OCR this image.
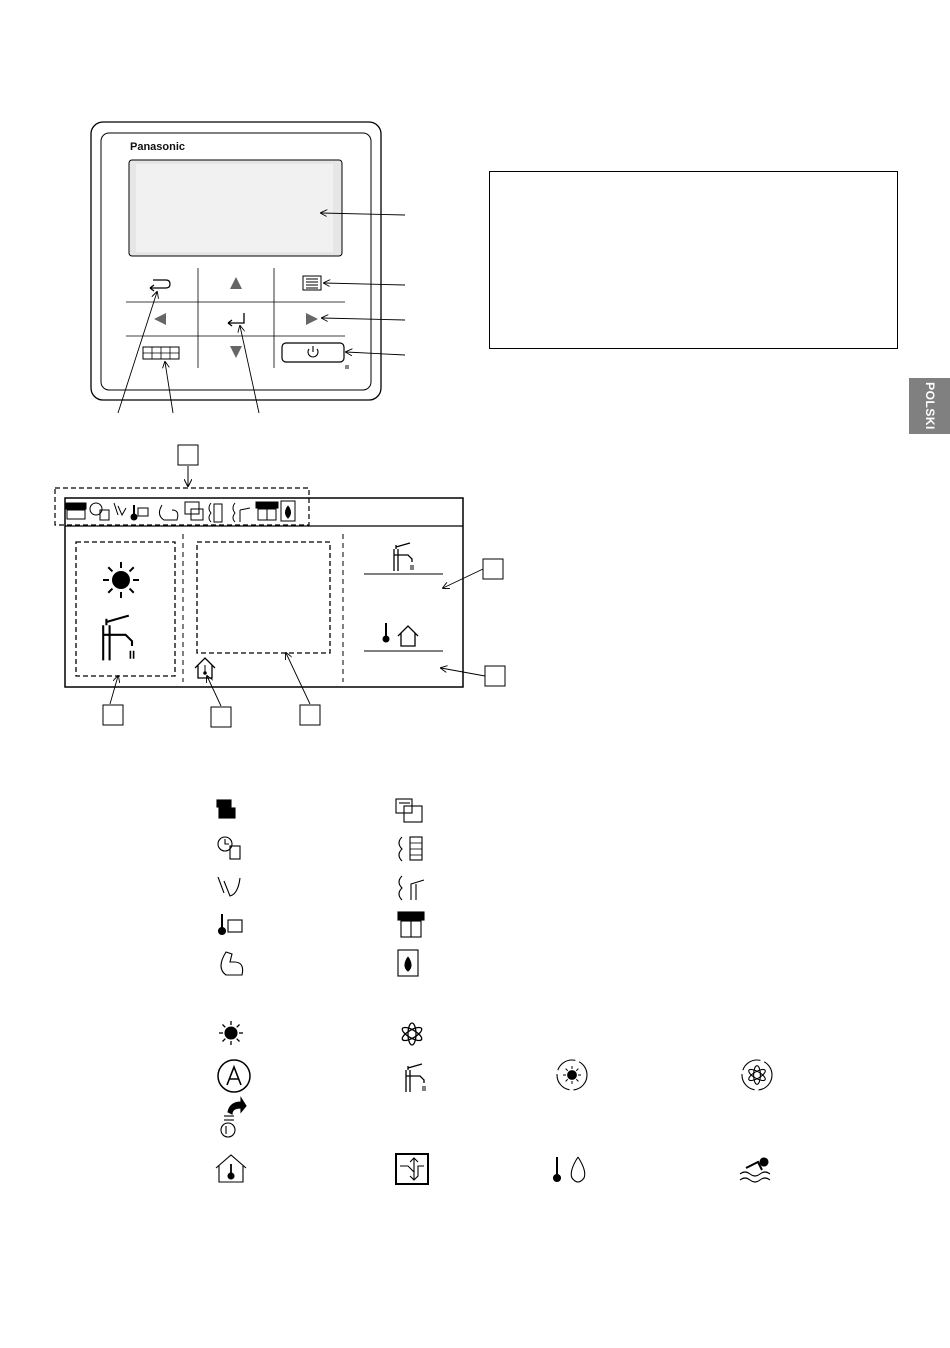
POLSKI
Panasonic
